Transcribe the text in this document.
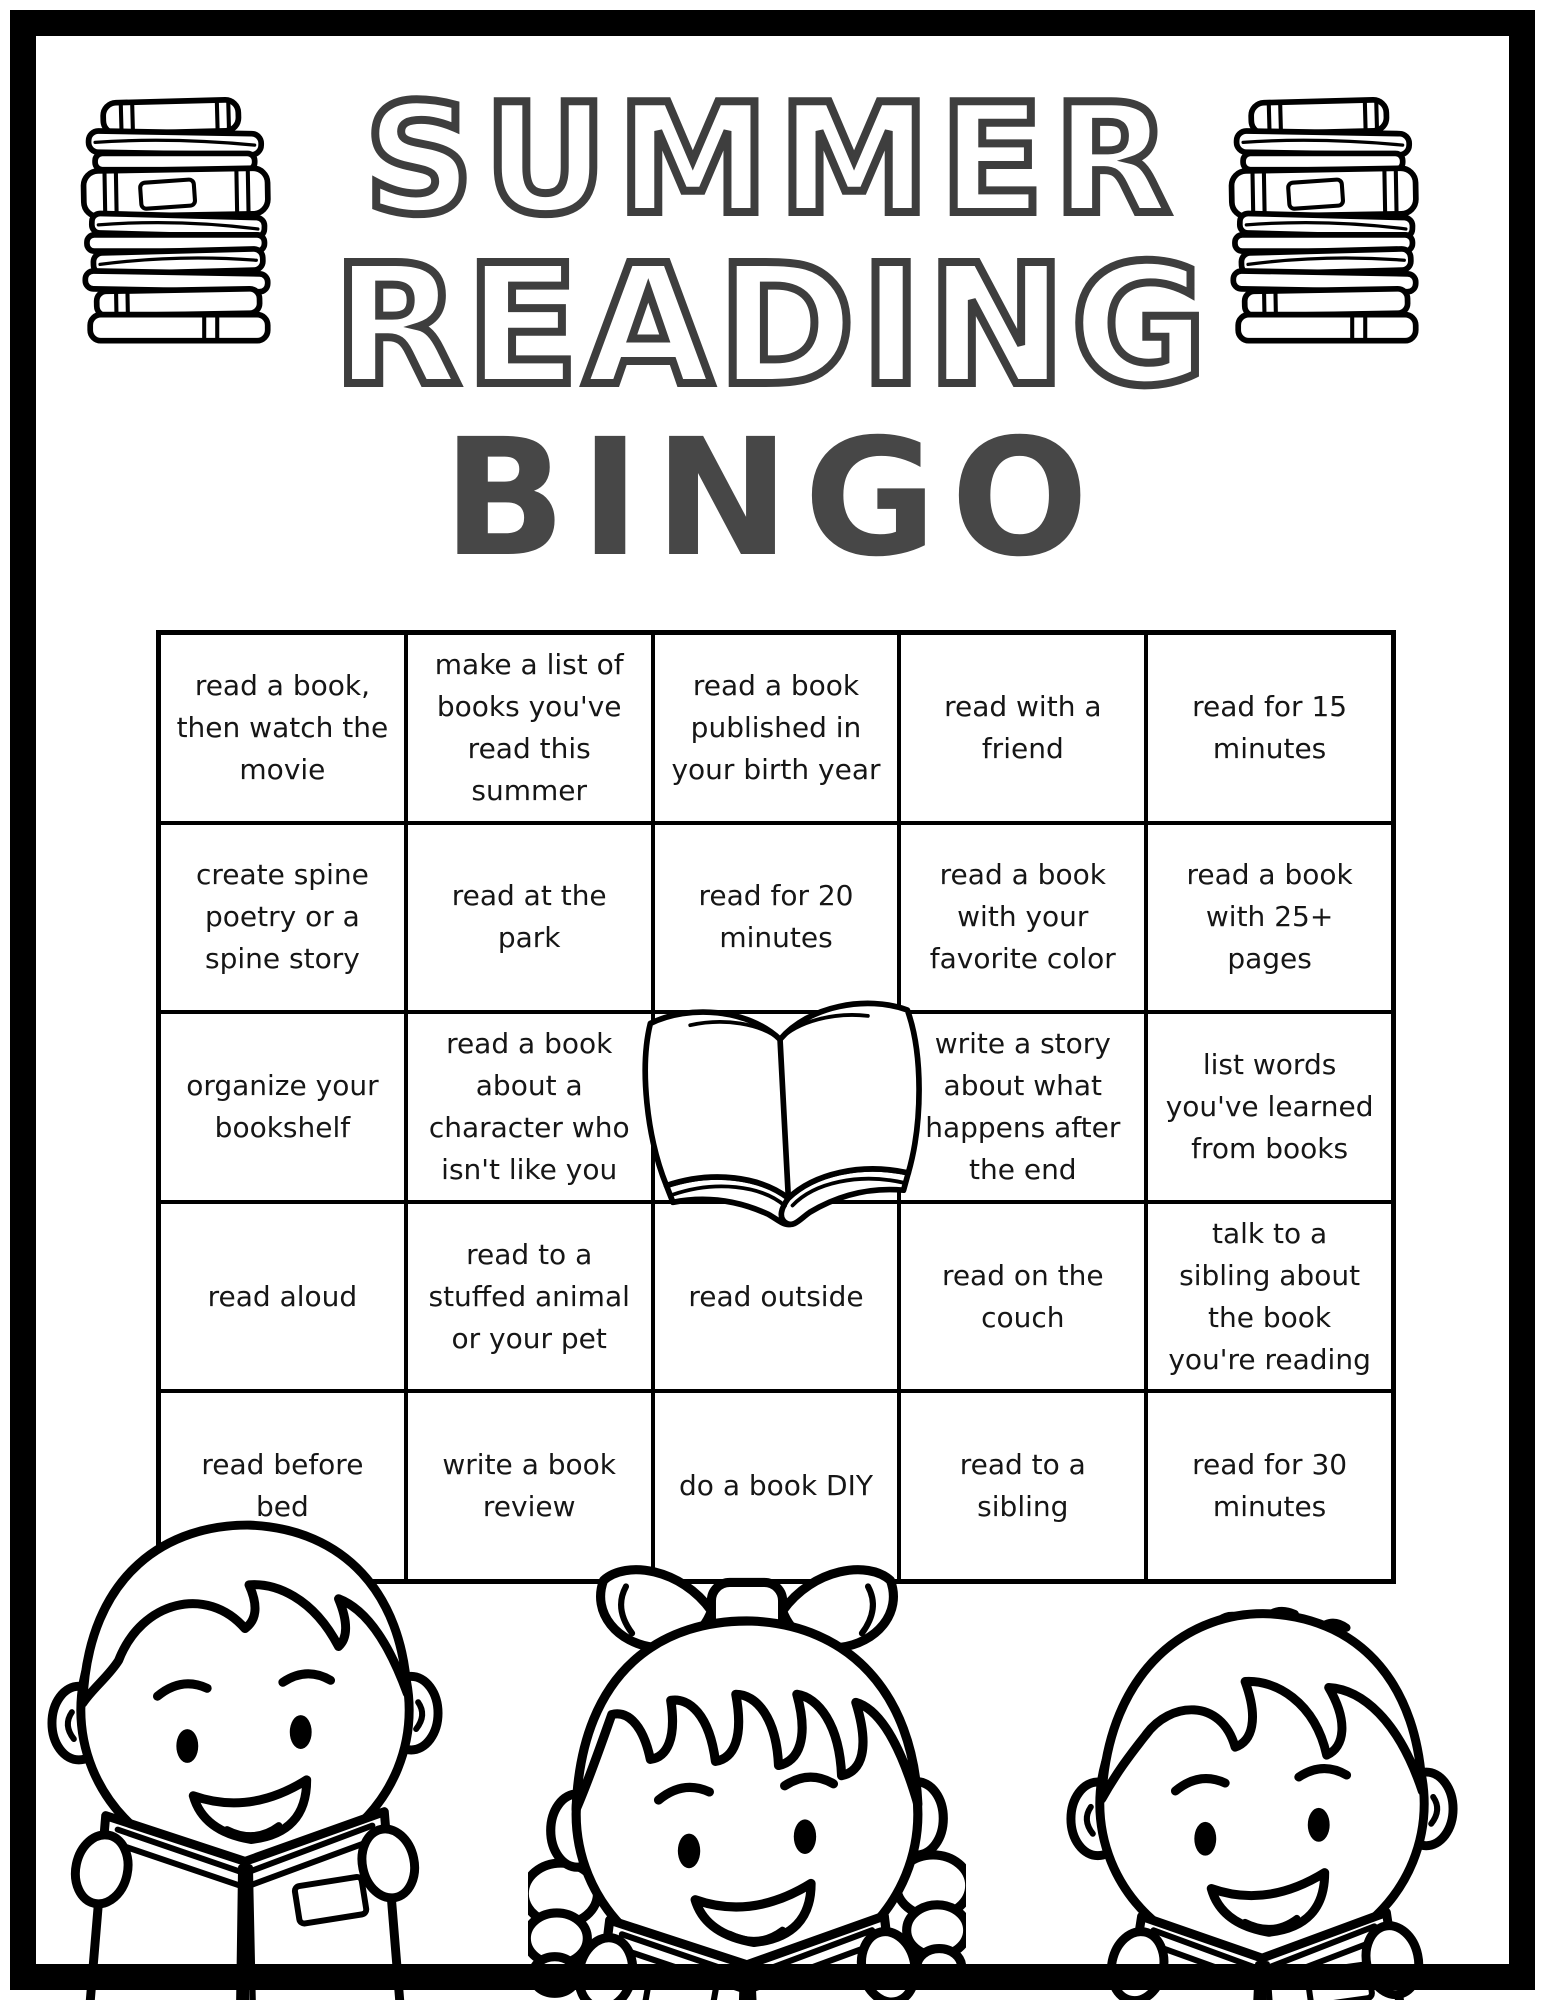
SUMMER
READING
BINGO
read a book, then watch the movie
make a list of books you've read this summer
read a book published in your birth year
read with a friend
read for 15 minutes
create spine poetry or a spine story
read at the park
read for 20 minutes
read a book with your favorite color
read a book with 25+ pages
organize your bookshelf
read a book about a character who isn't like you
write a story about what happens after the end
list words you've learned from books
read aloud
read to a stuffed animal or your pet
read outside
read on the couch
talk to a sibling about the book you're reading
read before bed
write a book review
do a book DIY
read to a sibling
read for 30 minutes
